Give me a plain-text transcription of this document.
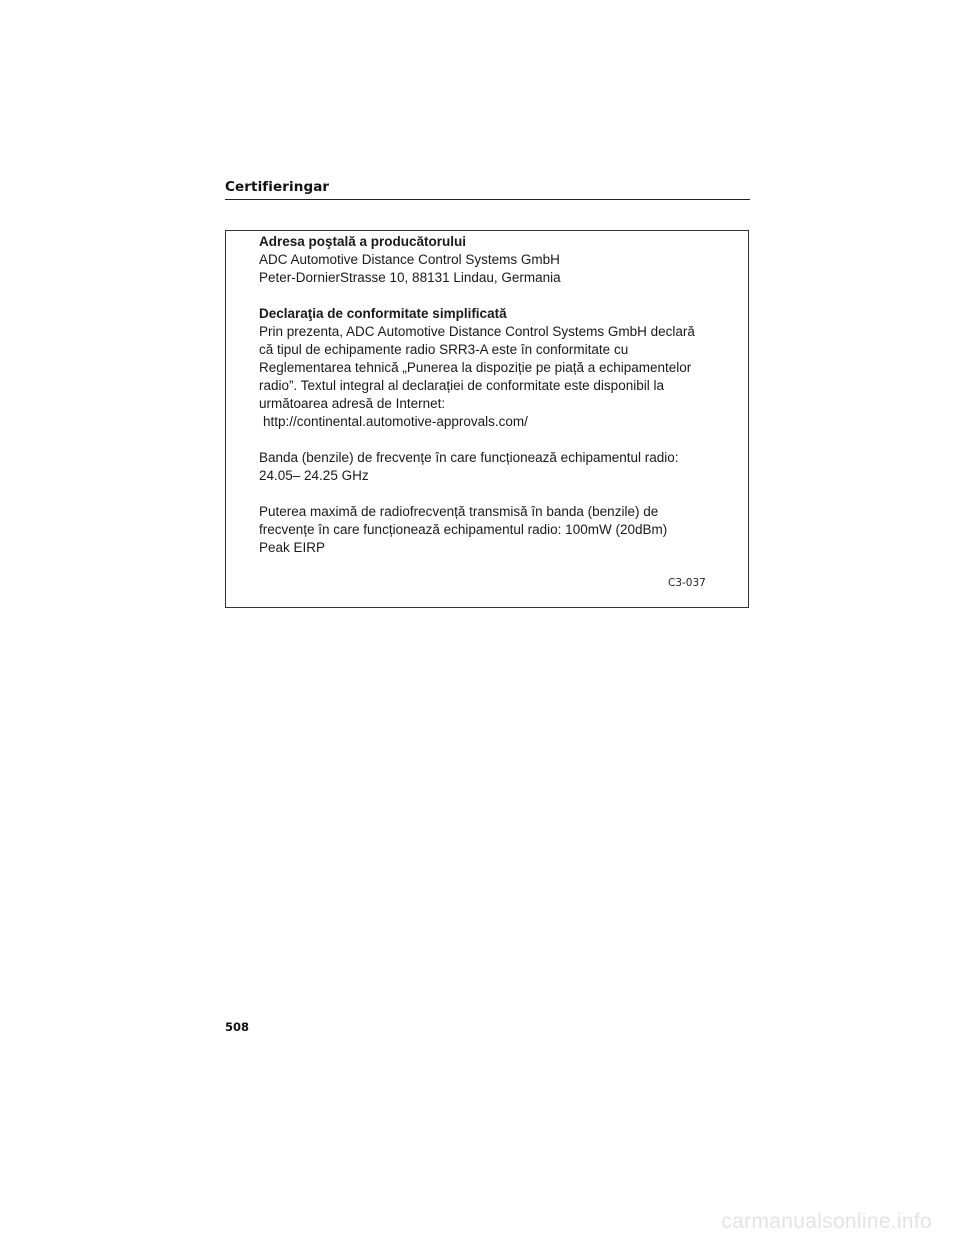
Certifieringar
Adresa poştală a producătorului
ADC Automotive Distance Control Systems GmbH
Peter-DornierStrasse 10, 88131 Lindau, Germania
Declaraţia de conformitate simplificată
Prin prezenta, ADC Automotive Distance Control Systems GmbH declară
că tipul de echipamente radio SRR3-A este în conformitate cu
Reglementarea tehnică „Punerea la dispoziție pe piață a echipamentelor
radio”. Textul integral al declarației de conformitate este disponibil la
următoarea adresă de Internet:
http://continental.automotive-approvals.com/
Banda (benzile) de frecvențe în care funcționează echipamentul radio:
24.05– 24.25 GHz
Puterea maximă de radiofrecvență transmisă în banda (benzile) de
frecvențe în care funcționează echipamentul radio: 100mW (20dBm)
Peak EIRP
C3-037
508
carmanualsonline.info
